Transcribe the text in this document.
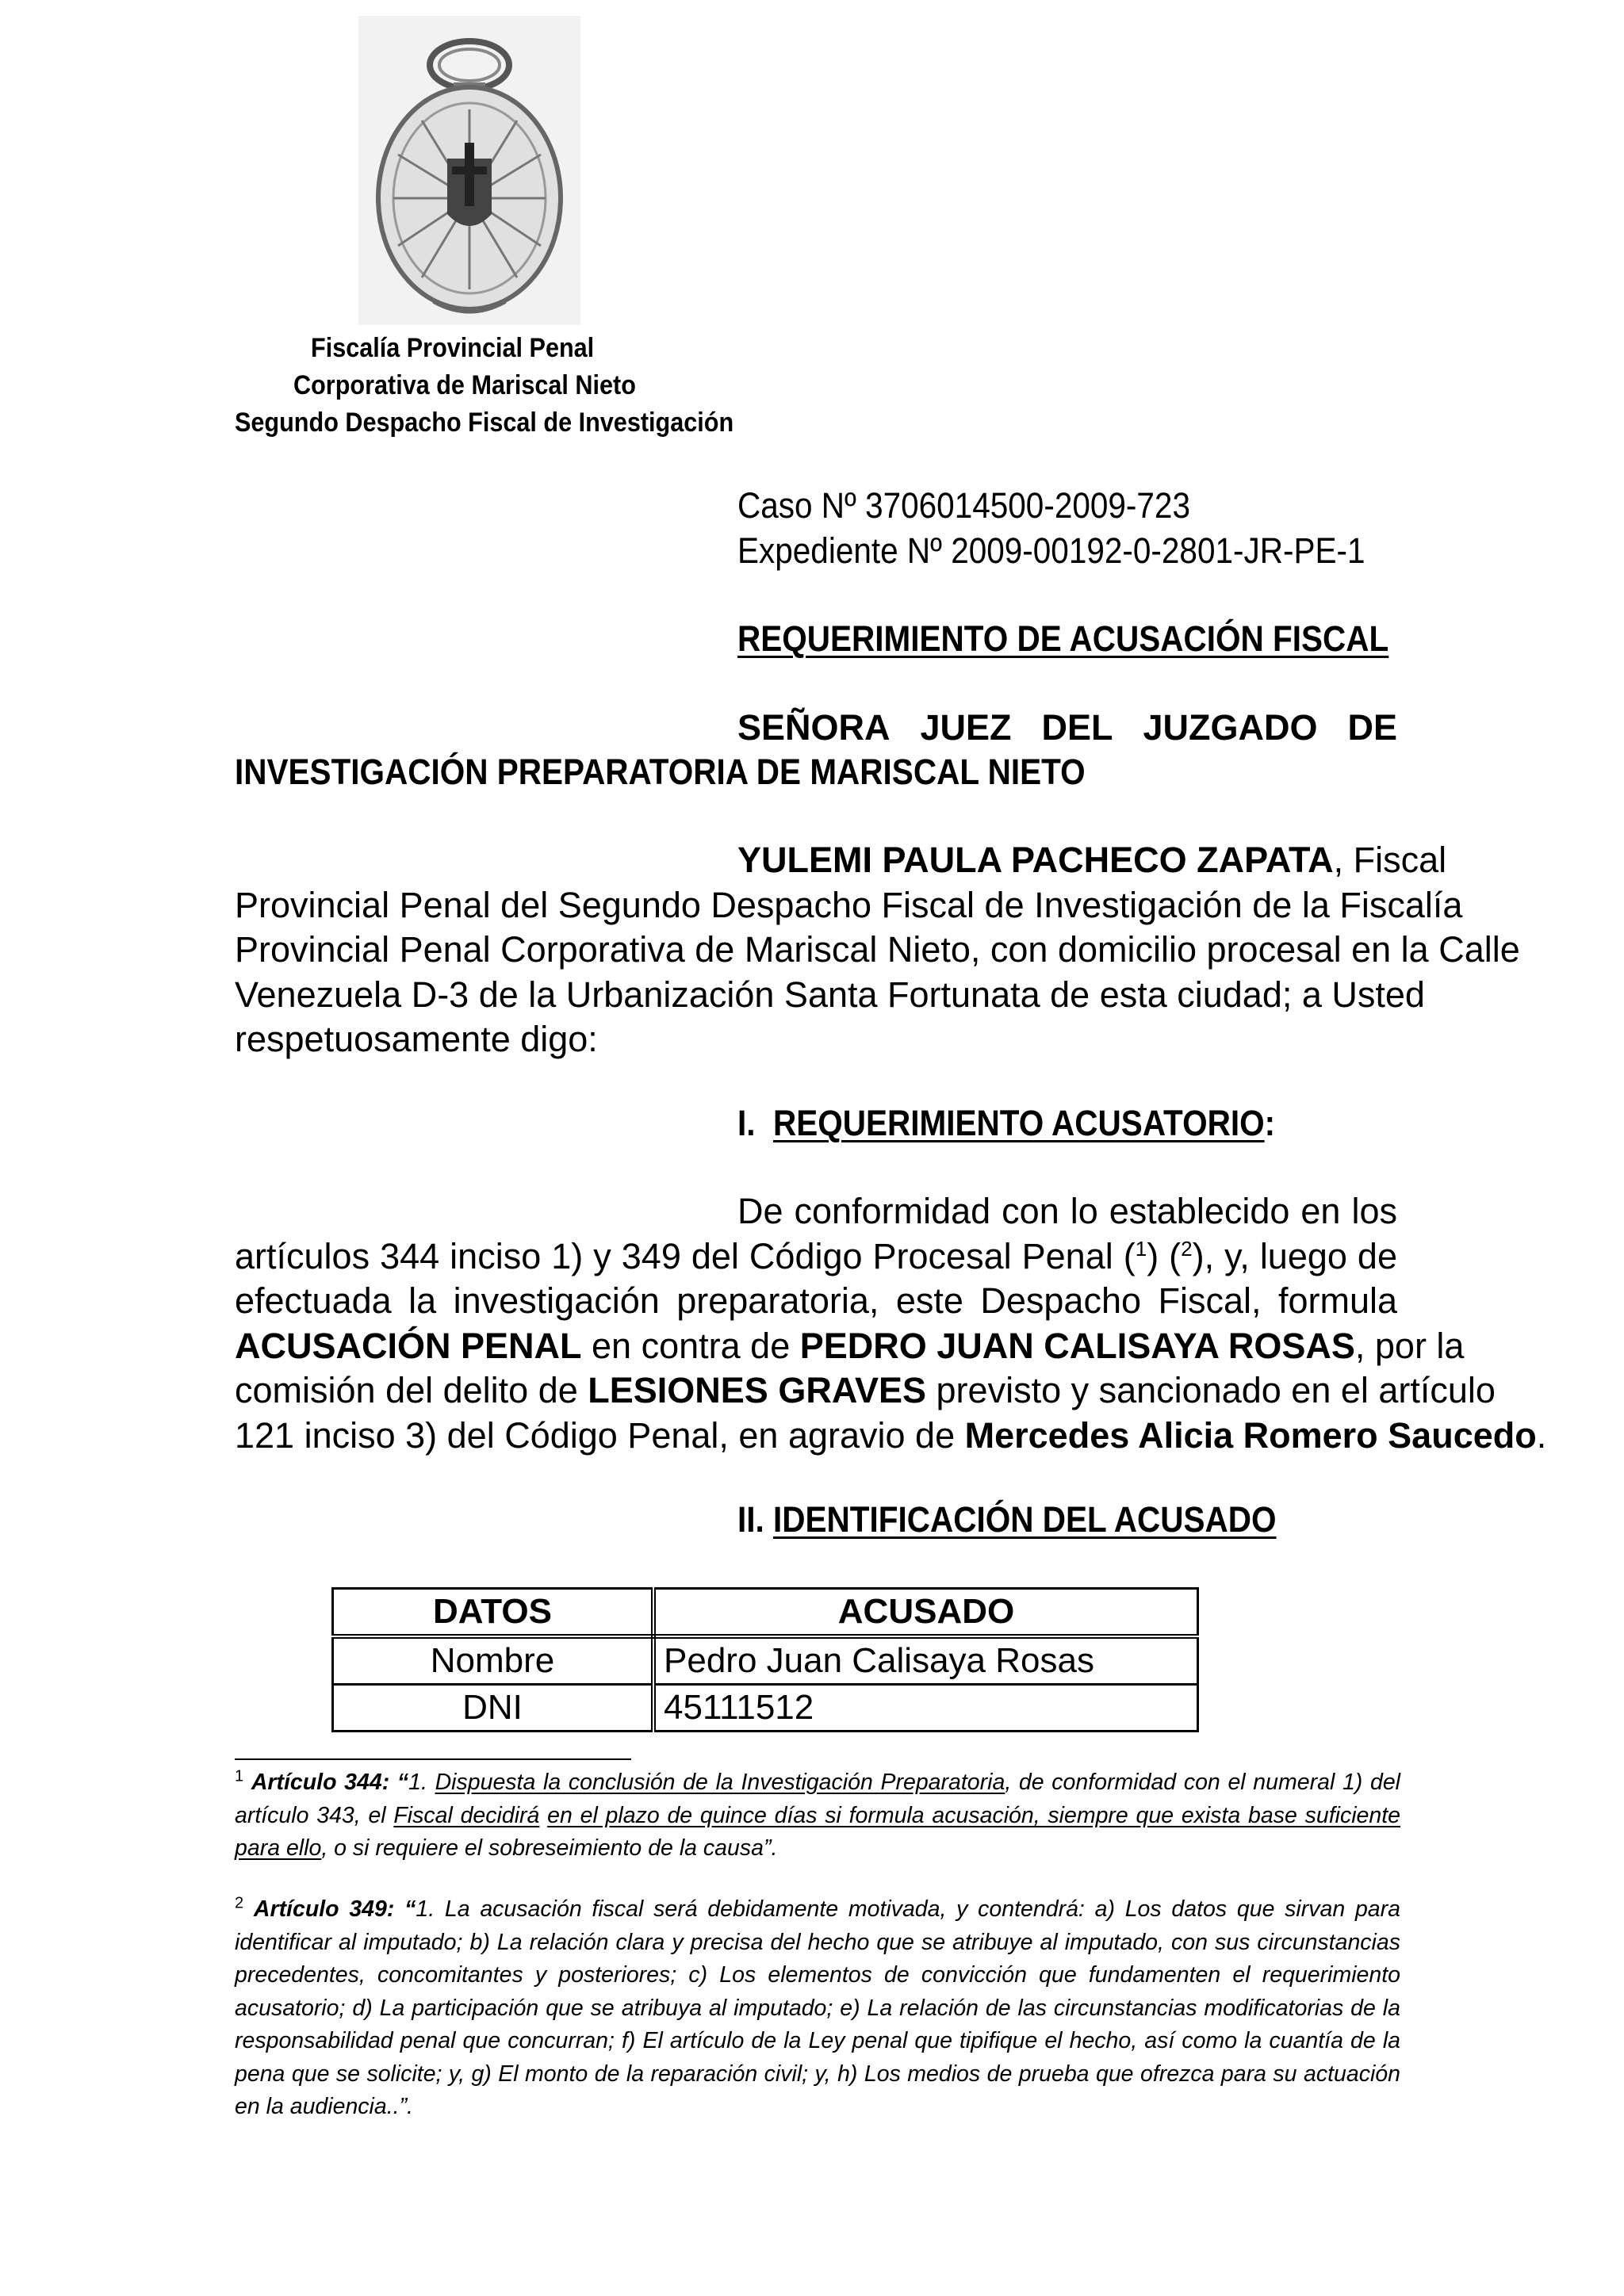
Fiscalía Provincial Penal
Corporativa de Mariscal Nieto
Segundo Despacho Fiscal de Investigación
Caso Nº 3706014500-2009-723
Expediente Nº 2009-00192-0-2801-JR-PE-1
REQUERIMIENTO DE ACUSACIÓN FISCAL
SEÑORA JUEZ DEL JUZGADO DE
INVESTIGACIÓN PREPARATORIA DE MARISCAL NIETO
YULEMI PAULA PACHECO ZAPATA, Fiscal
Provincial Penal del Segundo Despacho Fiscal de Investigación de la Fiscalía
Provincial Penal Corporativa de Mariscal Nieto, con domicilio procesal en la Calle
Venezuela D-3 de la Urbanización Santa Fortunata de esta ciudad; a Usted
respetuosamente digo:
I. REQUERIMIENTO ACUSATORIO:
De conformidad con lo establecido en los
artículos 344 inciso 1) y 349 del Código Procesal Penal ($^1$) ($^2$), y, luego de
efectuada la investigación preparatoria, este Despacho Fiscal, formula
ACUSACIÓN PENAL en contra de PEDRO JUAN CALISAYA ROSAS, por la
comisión del delito de LESIONES GRAVES previsto y sancionado en el artículo
121 inciso 3) del Código Penal, en agravio de Mercedes Alicia Romero Saucedo.
II. IDENTIFICACIÓN DEL ACUSADO
DATOS	ACUSADO
Nombre	Pedro Juan Calisaya Rosas
DNI	45111512
$^1$ Artículo 344: “1. Dispuesta la conclusión de la Investigación Preparatoria, de conformidad con el numeral 1) del
artículo 343, el Fiscal decidirá en el plazo de quince días si formula acusación, siempre que exista base suficiente
para ello, o si requiere el sobreseimiento de la causa”.
$^2$ Artículo 349: “1. La acusación fiscal será debidamente motivada, y contendrá: a) Los datos que sirvan para
identificar al imputado; b) La relación clara y precisa del hecho que se atribuye al imputado, con sus circunstancias
precedentes, concomitantes y posteriores; c) Los elementos de convicción que fundamenten el requerimiento
acusatorio; d) La participación que se atribuya al imputado; e) La relación de las circunstancias modificatorias de la
responsabilidad penal que concurran; f) El artículo de la Ley penal que tipifique el hecho, así como la cuantía de la
pena que se solicite; y, g) El monto de la reparación civil; y, h) Los medios de prueba que ofrezca para su actuación
en la audiencia..”.
